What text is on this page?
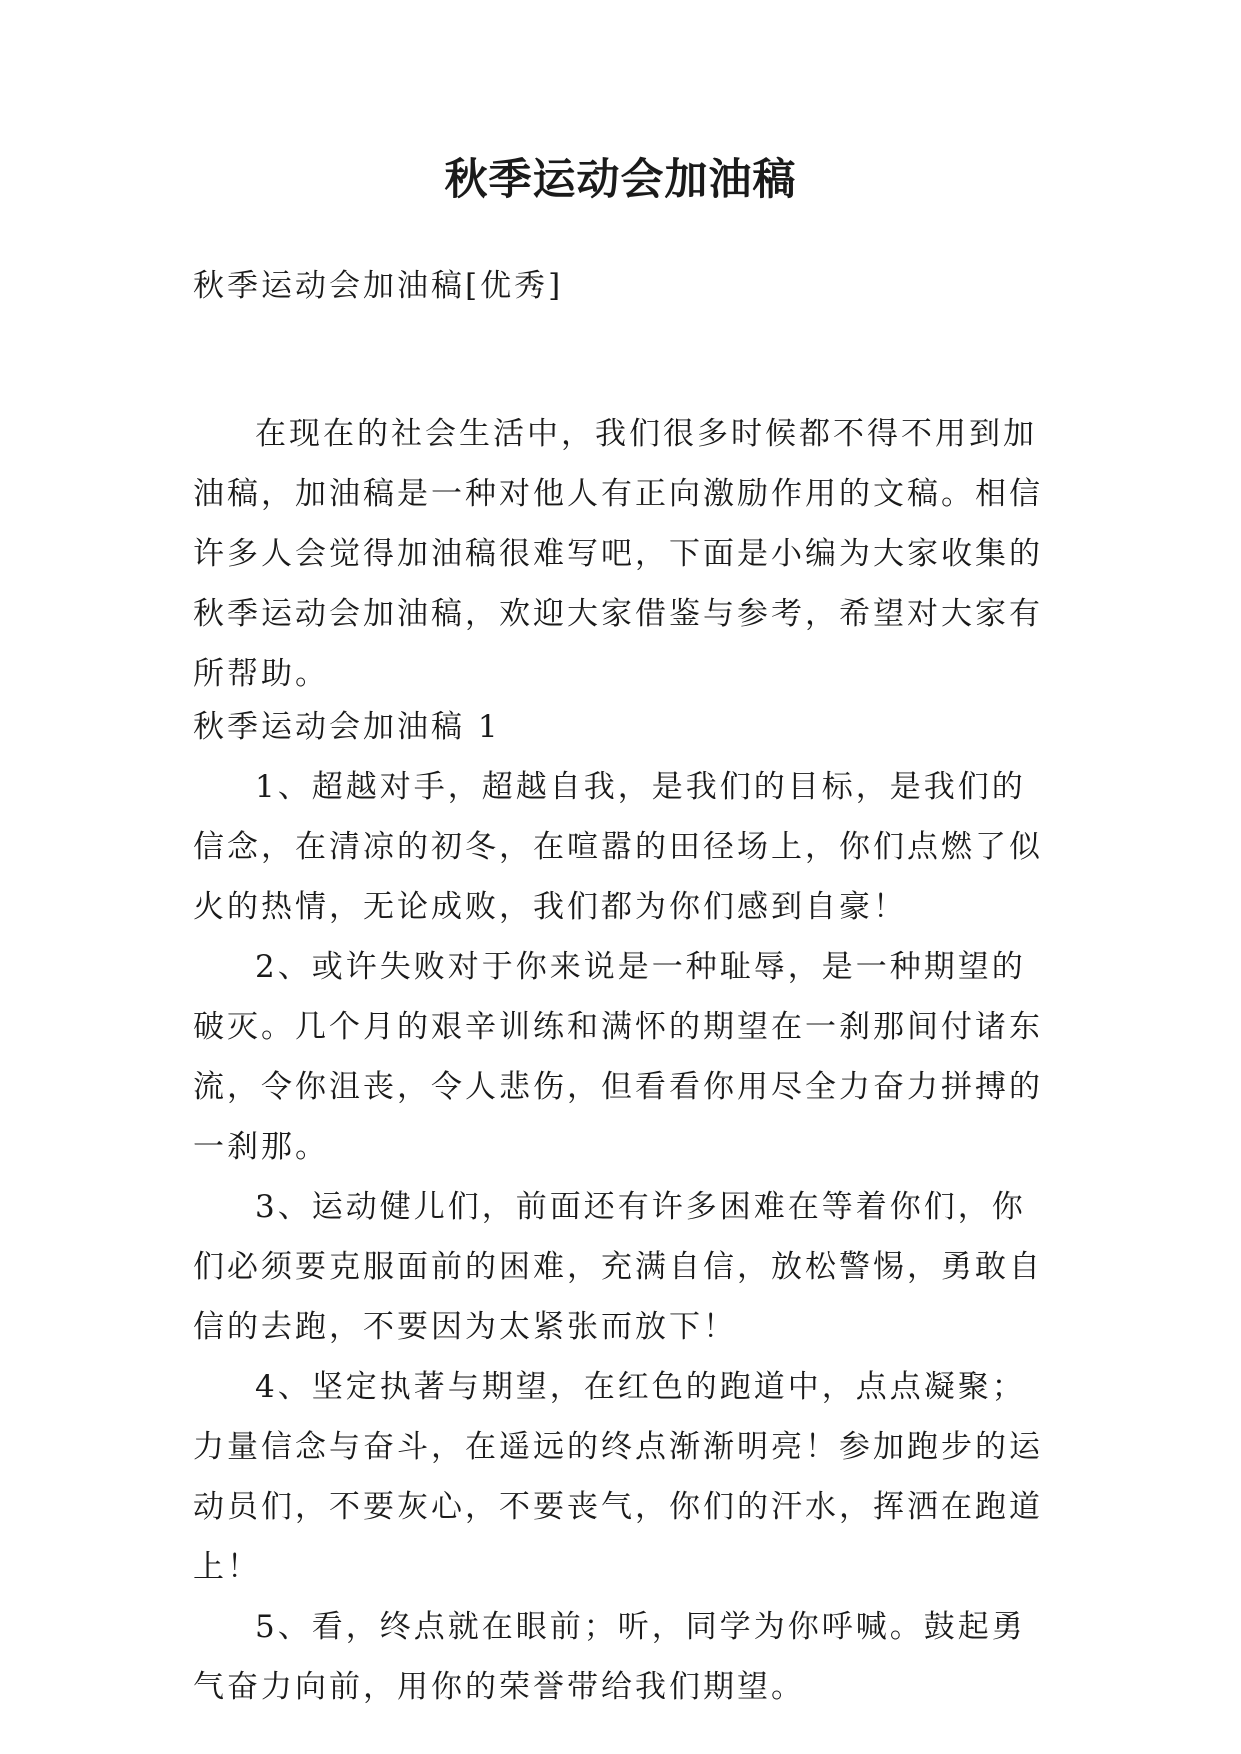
秋季运动会加油稿

秋季运动会加油稿[优秀]

在现在的社会生活中，我们很多时候都不得不用到加油稿，加油稿是一种对他人有正向激励作用的文稿。相信许多人会觉得加油稿很难写吧，下面是小编为大家收集的秋季运动会加油稿，欢迎大家借鉴与参考，希望对大家有所帮助。

秋季运动会加油稿 1

1、超越对手，超越自我，是我们的目标，是我们的信念，在清凉的初冬，在喧嚣的田径场上，你们点燃了似火的热情，无论成败，我们都为你们感到自豪！

2、或许失败对于你来说是一种耻辱，是一种期望的破灭。几个月的艰辛训练和满怀的期望在一刹那间付诸东流，令你沮丧，令人悲伤，但看看你用尽全力奋力拼搏的一刹那。

3、运动健儿们，前面还有许多困难在等着你们，你们必须要克服面前的困难，充满自信，放松警惕，勇敢自信的去跑，不要因为太紧张而放下！

4、坚定执著与期望，在红色的跑道中，点点凝聚；力量信念与奋斗，在遥远的终点渐渐明亮！参加跑步的运动员们，不要灰心，不要丧气，你们的汗水，挥洒在跑道上！

5、看，终点就在眼前；听，同学为你呼喊。鼓起勇气奋力向前，用你的荣誉带给我们期望。
